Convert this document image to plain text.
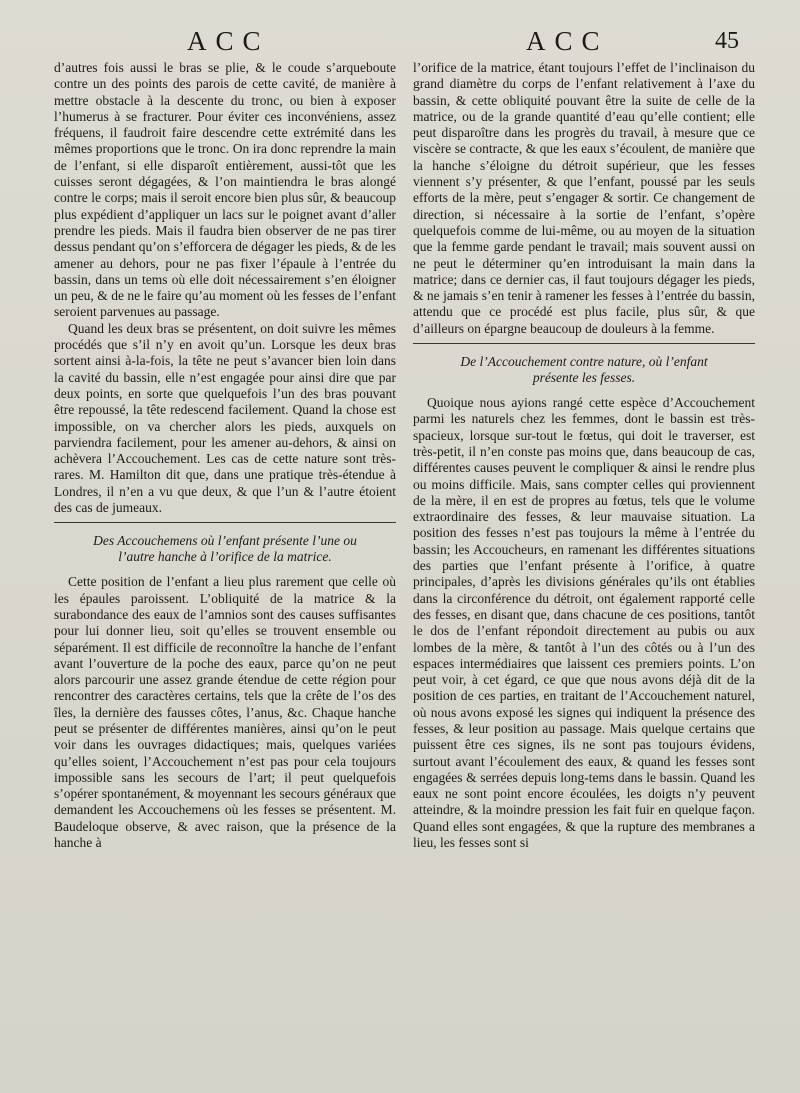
ACC	ACC	45

d’autres fois aussi le bras se plie, & le coude s’arqueboute contre un des points des parois de cette cavité, de manière à mettre obstacle à la descente du tronc, ou bien à exposer l’humerus à se fracturer. Pour éviter ces inconvéniens, assez fréquens, il faudroit faire descendre cette extrémité dans les mêmes proportions que le tronc. On ira donc reprendre la main de l’enfant, si elle disparoît entièrement, aussi-tôt que les cuisses seront dégagées, & l’on maintiendra le bras alongé contre le corps; mais il seroit encore bien plus sûr, & beaucoup plus expédient d’appliquer un lacs sur le poignet avant d’aller prendre les pieds. Mais il faudra bien observer de ne pas tirer dessus pendant qu’on s’efforcera de dégager les pieds, & de les amener au dehors, pour ne pas fixer l’épaule à l’entrée du bassin, dans un tems où elle doit nécessairement s’en éloigner un peu, & de ne le faire qu’au moment où les fesses de l’enfant seroient parvenues au passage.

Quand les deux bras se présentent, on doit suivre les mêmes procédés que s’il n’y en avoit qu’un. Lorsque les deux bras sortent ainsi à-la-fois, la tête ne peut s’avancer bien loin dans la cavité du bassin, elle n’est engagée pour ainsi dire que par deux points, en sorte que quelquefois l’un des bras pouvant être repoussé, la tête redescend facilement. Quand la chose est impossible, on va chercher alors les pieds, auxquels on parviendra facilement, pour les amener au-dehors, & ainsi on achèvera l’Accouchement. Les cas de cette nature sont très-rares. M. Hamilton dit que, dans une pratique très-étendue à Londres, il n’en a vu que deux, & que l’un & l’autre étoient des cas de jumeaux.

Des Accouchemens où l’enfant présente l’une ou
l’autre hanche à l’orifice de la matrice.

Cette position de l’enfant a lieu plus rarement que celle où les épaules paroissent. L’obliquité de la matrice & la surabondance des eaux de l’amnios sont des causes suffisantes pour lui donner lieu, soit qu’elles se trouvent ensemble ou séparément. Il est difficile de reconnoître la hanche de l’enfant avant l’ouverture de la poche des eaux, parce qu’on ne peut alors parcourir une assez grande étendue de cette région pour rencontrer des caractères certains, tels que la crête de l’os des îles, la dernière des fausses côtes, l’anus, &c. Chaque hanche peut se présenter de différentes manières, ainsi qu’on le peut voir dans les ouvrages didactiques; mais, quelques variées qu’elles soient, l’Accouchement n’est pas pour cela toujours impossible sans les secours de l’art; il peut quelquefois s’opérer spontanément, & moyennant les secours généraux que demandent les Accouchemens où les fesses se présentent. M. Baudeloque observe, & avec raison, que la présence de la hanche à

l’orifice de la matrice, étant toujours l’effet de l’inclinaison du grand diamètre du corps de l’enfant relativement à l’axe du bassin, & cette obliquité pouvant être la suite de celle de la matrice, ou de la grande quantité d’eau qu’elle contient; elle peut disparoître dans les progrès du travail, à mesure que ce viscère se contracte, & que les eaux s’écoulent, de manière que la hanche s’éloigne du détroit supérieur, que les fesses viennent s’y présenter, & que l’enfant, poussé par les seuls efforts de la mère, peut s’engager & sortir. Ce changement de direction, si nécessaire à la sortie de l’enfant, s’opère quelquefois comme de lui-même, ou au moyen de la situation que la femme garde pendant le travail; mais souvent aussi on ne peut le déterminer qu’en introduisant la main dans la matrice; dans ce dernier cas, il faut toujours dégager les pieds, & ne jamais s’en tenir à ramener les fesses à l’entrée du bassin, attendu que ce procédé est plus facile, plus sûr, & que d’ailleurs on épargne beaucoup de douleurs à la femme.

De l’Accouchement contre nature, où l’enfant
présente les fesses.

Quoique nous ayions rangé cette espèce d’Accouchement parmi les naturels chez les femmes, dont le bassin est très-spacieux, lorsque sur-tout le fœtus, qui doit le traverser, est très-petit, il n’en conste pas moins que, dans beaucoup de cas, différentes causes peuvent le compliquer & ainsi le rendre plus ou moins difficile. Mais, sans compter celles qui proviennent de la mère, il en est de propres au fœtus, tels que le volume extraordinaire des fesses, & leur mauvaise situation. La position des fesses n’est pas toujours la même à l’entrée du bassin; les Accoucheurs, en ramenant les différentes situations des parties que l’enfant présente à l’orifice, à quatre principales, d’après les divisions générales qu’ils ont établies dans la circonférence du détroit, ont également rapporté celle des fesses, en disant que, dans chacune de ces positions, tantôt le dos de l’enfant répondoit directement au pubis ou aux lombes de la mère, & tantôt à l’un des côtés ou à l’un des espaces intermédiaires que laissent ces premiers points. L’on peut voir, à cet égard, ce que que nous avons déjà dit de la position de ces parties, en traitant de l’Accouchement naturel, où nous avons exposé les signes qui indiquent la présence des fesses, & leur position au passage. Mais quelque certains que puissent être ces signes, ils ne sont pas toujours évidens, surtout avant l’écoulement des eaux, & quand les fesses sont engagées & serrées depuis long-tems dans le bassin. Quand les eaux ne sont point encore écoulées, les doigts n’y peuvent atteindre, & la moindre pression les fait fuir en quelque façon. Quand elles sont engagées, & que la rupture des membranes a lieu, les fesses sont si
